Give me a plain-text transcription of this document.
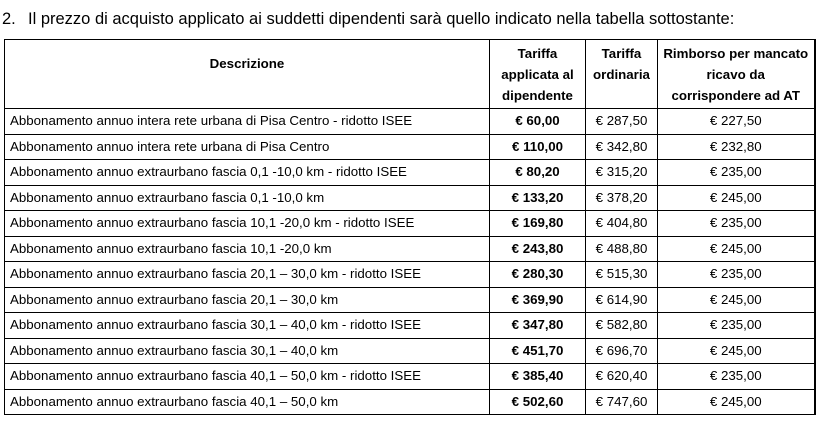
2. Il prezzo di acquisto applicato ai suddetti dipendenti sarà quello indicato nella tabella sottostante:
Descrizione	Tariffa applicata al dipendente	Tariffa ordinaria	Rimborso per mancato ricavo da corrispondere ad AT
Abbonamento annuo intera rete urbana di Pisa Centro - ridotto ISEE	€ 60,00	€ 287,50	€ 227,50
Abbonamento annuo intera rete urbana di Pisa Centro	€ 110,00	€ 342,80	€ 232,80
Abbonamento annuo extraurbano fascia 0,1 -10,0 km - ridotto ISEE	€ 80,20	€ 315,20	€ 235,00
Abbonamento annuo extraurbano fascia 0,1 -10,0 km	€ 133,20	€ 378,20	€ 245,00
Abbonamento annuo extraurbano fascia 10,1 -20,0 km - ridotto ISEE	€ 169,80	€ 404,80	€ 235,00
Abbonamento annuo extraurbano fascia 10,1 -20,0 km	€ 243,80	€ 488,80	€ 245,00
Abbonamento annuo extraurbano fascia 20,1 – 30,0 km - ridotto ISEE	€ 280,30	€ 515,30	€ 235,00
Abbonamento annuo extraurbano fascia 20,1 – 30,0 km	€ 369,90	€ 614,90	€ 245,00
Abbonamento annuo extraurbano fascia 30,1 – 40,0 km - ridotto ISEE	€ 347,80	€ 582,80	€ 235,00
Abbonamento annuo extraurbano fascia 30,1 – 40,0 km	€ 451,70	€ 696,70	€ 245,00
Abbonamento annuo extraurbano fascia 40,1 – 50,0 km - ridotto ISEE	€ 385,40	€ 620,40	€ 235,00
Abbonamento annuo extraurbano fascia 40,1 – 50,0 km	€ 502,60	€ 747,60	€ 245,00
